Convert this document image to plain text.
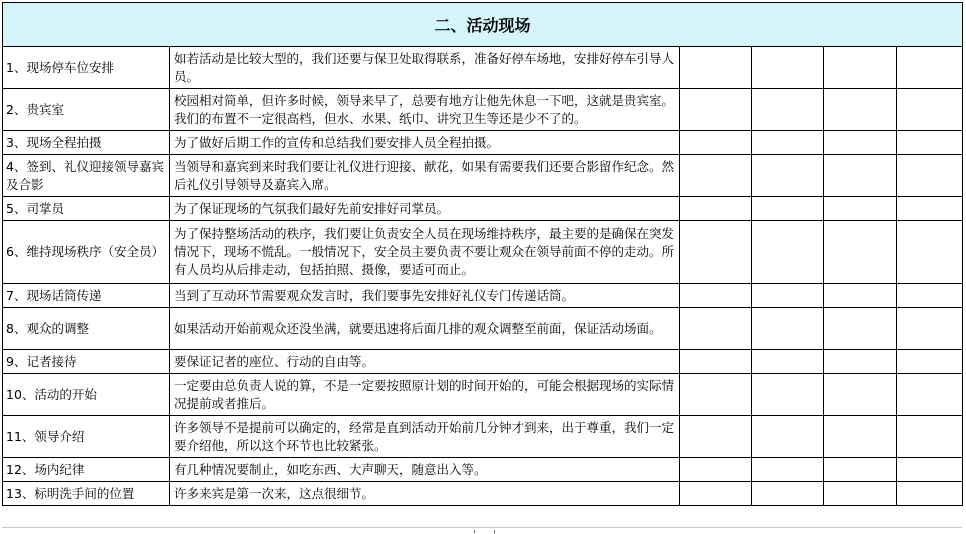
二、活动现场					
1、现场停车位安排	如若活动是比较大型的，我们还要与保卫处取得联系，准备好停车场地，安排好停车引导人员。				
2、贵宾室	校园相对简单，但许多时候，领导来早了，总要有地方让他先休息一下吧，这就是贵宾室。我们的布置不一定很高档，但水、水果、纸巾、讲究卫生等还是少不了的。				
3、现场全程拍摄	为了做好后期工作的宣传和总结我们要安排人员全程拍摄。				
4、签到、礼仪迎接领导嘉宾及合影	当领导和嘉宾到来时我们要让礼仪进行迎接、献花，如果有需要我们还要合影留作纪念。然后礼仪引导领导及嘉宾入席。				
5、司掌员	为了保证现场的气氛我们最好先前安排好司掌员。				
6、维持现场秩序（安全员）	为了保持整场活动的秩序，我们要让负责安全人员在现场维持秩序，最主要的是确保在突发情况下，现场不慌乱。一般情况下，安全员主要负责不要让观众在领导前面不停的走动。所有人员均从后排走动，包括拍照、摄像，要适可而止。				
7、现场话筒传递	当到了互动环节需要观众发言时，我们要事先安排好礼仪专门传递话筒。				
8、观众的调整	如果活动开始前观众还没坐满，就要迅速将后面几排的观众调整至前面，保证活动场面。				
9、记者接待	要保证记者的座位、行动的自由等。				
10、活动的开始	一定要由总负责人说的算，不是一定要按照原计划的时间开始的，可能会根据现场的实际情况提前或者推后。				
11、领导介绍	许多领导不是提前可以确定的，经常是直到活动开始前几分钟才到来，出于尊重，我们一定要介绍他，所以这个环节也比较紧张。				
12、场内纪律	有几种情况要制止，如吃东西、大声聊天，随意出入等。				
13、标明洗手间的位置	许多来宾是第一次来，这点很细节。				
